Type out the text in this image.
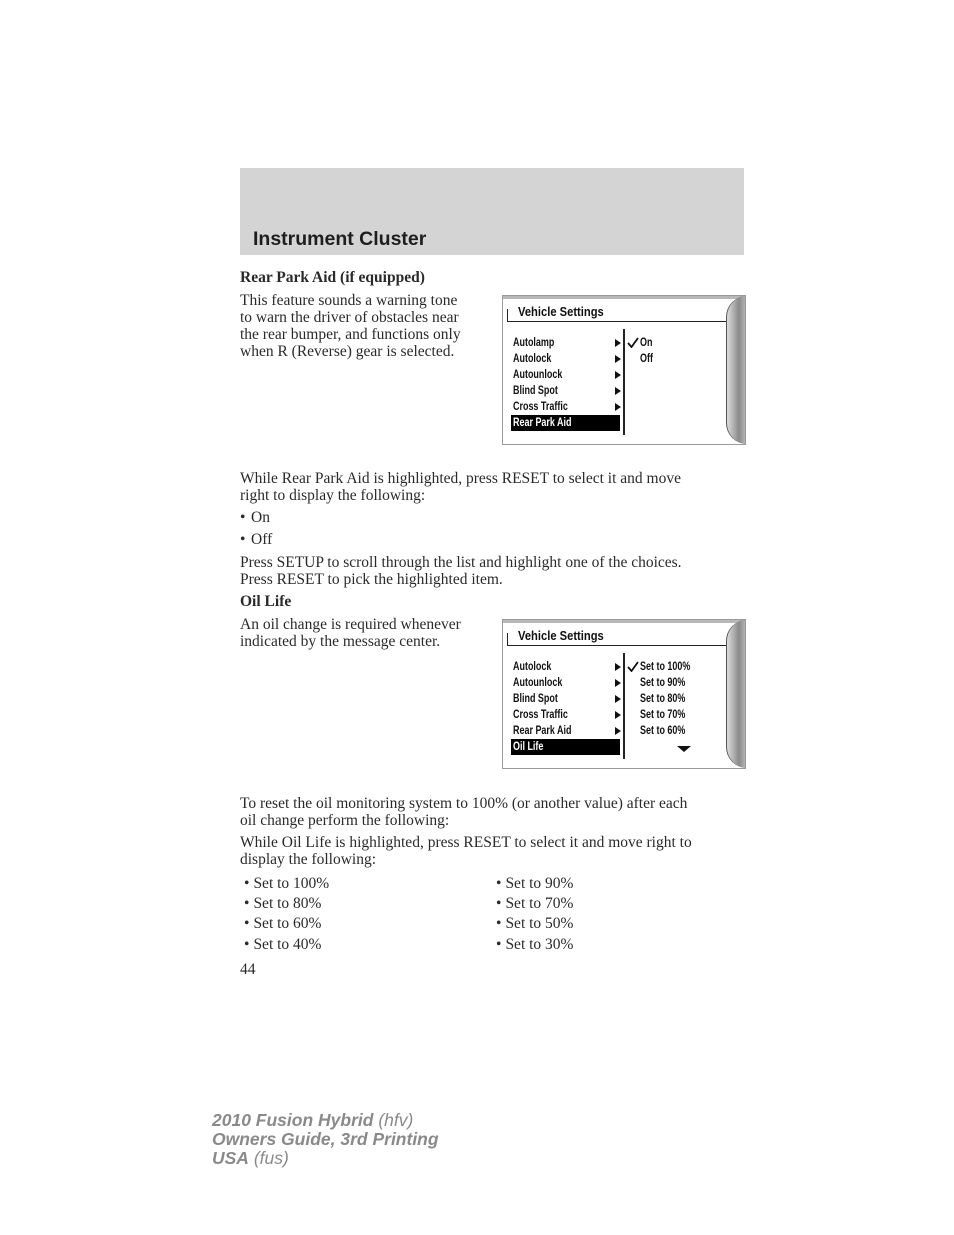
Instrument Cluster

Rear Park Aid (if equipped)

This feature sounds a warning tone
to warn the driver of obstacles near
the rear bumper, and functions only
when R (Reverse) gear is selected.

Vehicle Settings

Autolamp
Autolock
Autounlock
Blind Spot
Cross Traffic
Rear Park Aid
On
Off
While Rear Park Aid is highlighted, press RESET to select it and move
right to display the following:
• On
• Off
Press SETUP to scroll through the list and highlight one of the choices.
Press RESET to pick the highlighted item.

Oil Life

An oil change is required whenever
indicated by the message center.	Vehicle Settings

Autolock
Autounlock
Blind Spot
Cross Traffic
Rear Park Aid
Oil Life
Set to 100%
Set to 90%
Set to 80%
Set to 70%
Set to 60%
To reset the oil monitoring system to 100% (or another value) after each
oil change perform the following:
While Oil Life is highlighted, press RESET to select it and move right to
display the following:
• Set to 100%	• Set to 90%
• Set to 80%	• Set to 70%
• Set to 60%	• Set to 50%
• Set to 40%	• Set to 30%

44

2010 Fusion Hybrid (hfv)
Owners Guide, 3rd Printing
USA (fus)
